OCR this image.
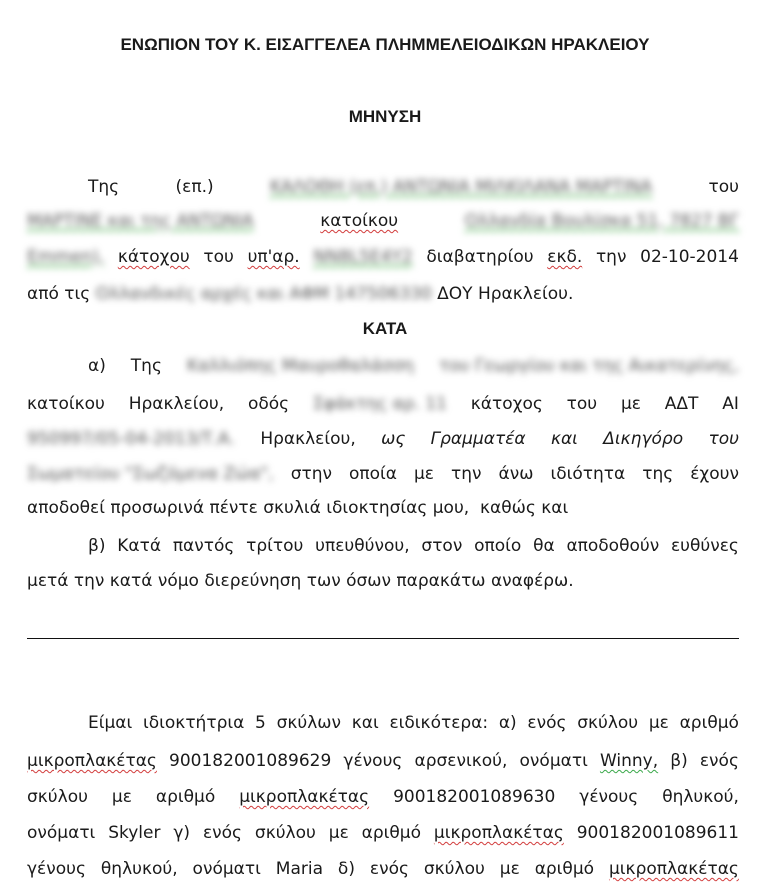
ΕΝΩΠΙΟΝ ΤΟΥ Κ. ΕΙΣΑΓΓΕΛΕΑ ΠΛΗΜΜΕΛΕΙΟΔΙΚΩΝ ΗΡΑΚΛΕΙΟΥ
ΜΗΝΥΣΗ
Της	(επ.)	ΚΑΛΟΘΗ (επ.) ΑΝΤΩΝΙΑ ΜΙΛΚΙΛΑΝΑ ΜΑΡΤΙΝΑ	του
ΜΑΡΤΙΝΕ και της ΑΝΤΩΝΙΑ	κατοίκου	Ολλανδία Βουλίσκα 51, 7827 ΒΓ
Emmen), κάτοχου του υπ'αρ. NN8L5E4Y2 διαβατηρίου εκδ. την 02-10-2014
από τις Ολλανδικές αρχές και ΑΦΜ 147506330 ΔΟΥ Ηρακλείου.
ΚΑΤΑ
α) Της Καλλιόπης Μαυροθαλάσση του Γεωργίου και της Αικατερίνης,
κατοίκου Ηρακλείου, οδός Σφάκτης αρ. 11 κάτοχος του με ΑΔΤ ΑΙ
950997/05-04-2013/Τ.Α. Ηρακλείου, ως Γραμματέα και Δικηγόρο του
Σωματείου "Σωζόμενα Ζώα", στην οποία με την άνω ιδιότητα της έχουν
αποδοθεί προσωρινά πέντε σκυλιά ιδιοκτησίας μου,  καθώς και
β) Κατά παντός τρίτου υπευθύνου, στον οποίο θα αποδοθούν ευθύνες
μετά την κατά νόμο διερεύνηση των όσων παρακάτω αναφέρω.
Είμαι ιδιοκτήτρια 5 σκύλων και ειδικότερα: α) ενός σκύλου με αριθμό
μικροπλακέτας 900182001089629 γένους αρσενικού, ονόματι Winny, β) ενός
σκύλου με αριθμό μικροπλακέτας 900182001089630 γένους θηλυκού,
ονόματι Skyler γ) ενός σκύλου με αριθμό μικροπλακέτας 900182001089611
γένους θηλυκού, ονόματι Maria δ) ενός σκύλου με αριθμό μικροπλακέτας
